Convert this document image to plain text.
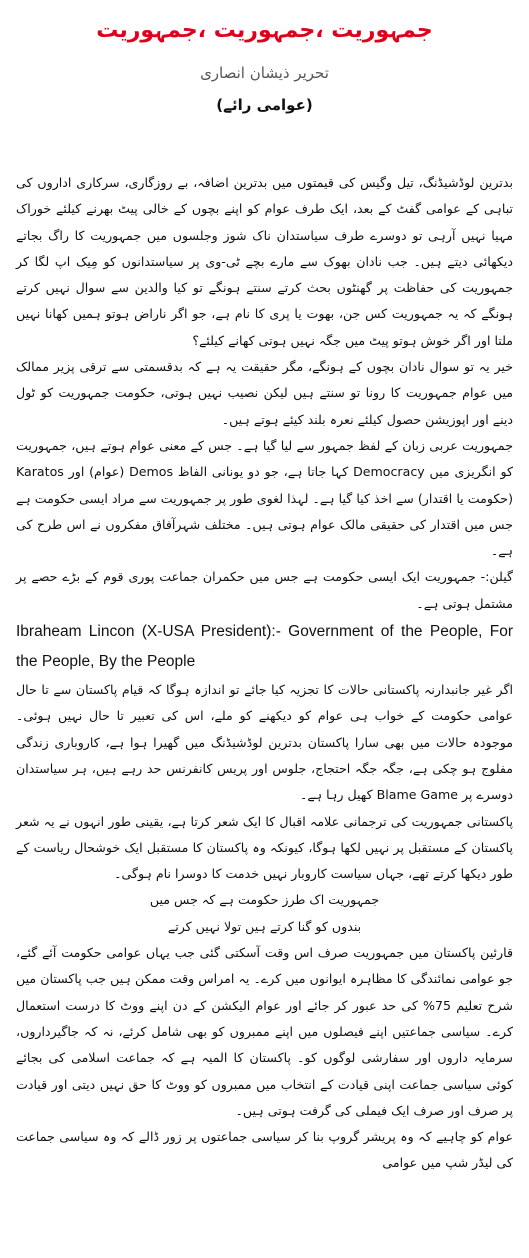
جمہوریت ،جمہوریت ،جمہوریت
تحریر ذیشان انصاری
(عوامی رائے)

بدترین لوڈشیڈنگ، تیل وگیس کی قیمتوں میں بدترین اضافہ، بے روزگاری، سرکاری اداروں کی تباہی کے عوامی گفٹ کے بعد، ایک طرف عوام کو اپنے بچوں کے خالی پیٹ بھرنے کیلئے خوراک مہیا نہیں آرہی تو دوسرے طرف سیاستدان ناک شوز وجلسوں میں جمہوریت کا راگ بجاتے دیکھائی دیتے ہیں۔ جب نادان بھوک سے مارے بچے ٹی-وی پر سیاستدانوں کو مِیک اپ لگا کر جمہوریت کی حفاظت پر گھنٹوں بحث کرتے سنتے ہونگے تو کیا والدین سے سوال نہیں کرتے ہونگے کہ یہ جمہوریت کس جن، بھوت یا پری کا نام ہے، جو اگر ناراض ہوتو ہمیں کھانا نہیں ملتا اور اگر خوش ہوتو پیٹ میں جگہ نہیں ہوتی کھانے کیلئے؟

خیر یہ تو سوال نادان بچوں کے ہونگے، مگر حقیقت یہ ہے کہ بدقسمتی سے ترقی پزیر ممالک میں عوام جمہوریت کا رونا تو سنتے ہیں لیکن نصیب نہیں ہوتی، حکومت جمہوریت کو ٹول دینے اور اپوزیشن حصول کیلئے نعرہ بلند کیئے ہوتے ہیں۔

جمہوریت عربی زبان کے لفظ جمہور سے لیا گیا ہے۔ جس کے معنی عوام ہوتے ہیں، جمہوریت کو انگریزی میں Democracy کہا جاتا ہے، جو دو یونانی الفاظ Demos (عوام) اور Karatos (حکومت یا اقتدار) سے اخذ کیا گیا ہے۔ لہذا لغوی طور پر جمہوریت سے مراد ایسی حکومت ہے جس میں اقتدار کی حقیقی مالک عوام ہوتی ہیں۔ مختلف شہرآفاق مفکروں نے اس طرح کی ہے۔

گیلن:- جمہوریت ایک ایسی حکومت ہے جس میں حکمران جماعت پوری قوم کے بڑے حصے پر مشتمل ہوتی ہے۔

Ibraheam Lincon (X-USA President):- Government of the People, For the People, By the People

اگر غیر جانبدارنہ پاکستانی حالات کا تجزیہ کیا جائے تو اندازہ ہوگا کہ قیام پاکستان سے تا حال عوامی حکومت کے خواب ہی عوام کو دیکھنے کو ملے، اس کی تعبیر تا حال نہیں ہوئی۔ موجودہ حالات میں بھی سارا پاکستان بدترین لوڈشیڈنگ میں گھیرا ہوا ہے، کاروباری زندگی مفلوج ہو چکی ہے، جگہ جگہ احتجاج، جلوس اور پریس کانفرنس حد رہے ہیں، ہر سیاستدان دوسرے پر Blame Game کھیل رہا ہے۔

پاکستانی جمہوریت کی ترجمانی علامہ اقبال کا ایک شعر کرتا ہے، یقینی طور انہوں نے یہ شعر پاکستان کے مستقبل پر نہیں لکھا ہوگا، کیونکہ وہ پاکستان کا مستقبل ایک خوشحال ریاست کے طور دیکھا کرتے تھے، جہاں سیاست کاروبار نہیں خدمت کا دوسرا نام ہوگی۔

جمہوریت اک طرز حکومت ہے کہ جس میں

بندوں کو گنا کرتے ہیں تولا نہیں کرتے

قارئین پاکستان میں جمہوریت صرف اس وقت آسکتی گئی جب یہاں عوامی حکومت آئے گئے، جو عوامی نمائندگی کا مظاہرہ ایوانوں میں کرے۔ یہ امراس وقت ممکن ہیں جب پاکستان میں شرح تعلیم 75% کی حد عبور کر جائے اور عوام الیکشن کے دن اپنے ووٹ کا درست استعمال کرے۔ سیاسی جماعتیں اپنے فیصلوں میں اپنے ممبروں کو بھی شامل کرئے، نہ کہ جاگیرداروں، سرمایہ داروں اور سفارشی لوگوں کو۔ پاکستان کا المیہ ہے کہ جماعت اسلامی کی بجائے کوئی سیاسی جماعت اپنی قیادت کے انتخاب میں ممبروں کو ووٹ کا حق نہیں دیتی اور قیادت پر صرف اور صرف ایک فیملی کی گرفت ہوتی ہیں۔

عوام کو چاہیے کہ وہ پریشر گروپ بنا کر سیاسی جماعتوں پر زور ڈالے کہ وہ سیاسی جماعت کی لیڈر شپ میں عوامی
